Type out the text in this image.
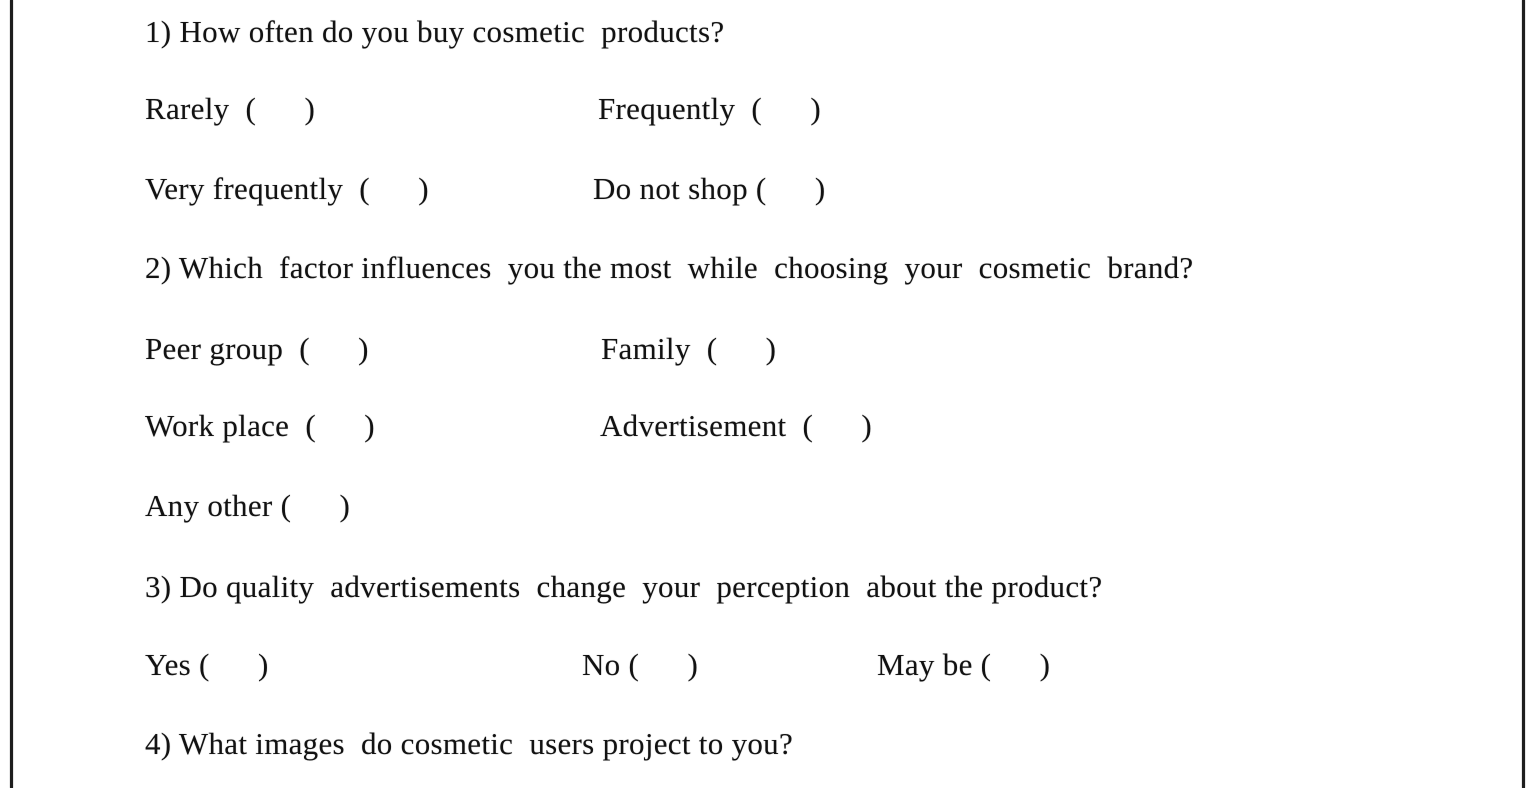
1) How often do you buy cosmetic  products?
Rarely  (      )	Frequently  (      )
Very frequently  (      )	Do not shop (      )
2) Which  factor influences  you the most  while  choosing  your  cosmetic  brand?
Peer group  (      )	Family  (      )
Work place  (      )	Advertisement  (      )
Any other (      )
3) Do quality  advertisements  change  your  perception  about the product?
Yes (      )	No (      )	May be (      )
4) What images  do cosmetic  users project to you?
